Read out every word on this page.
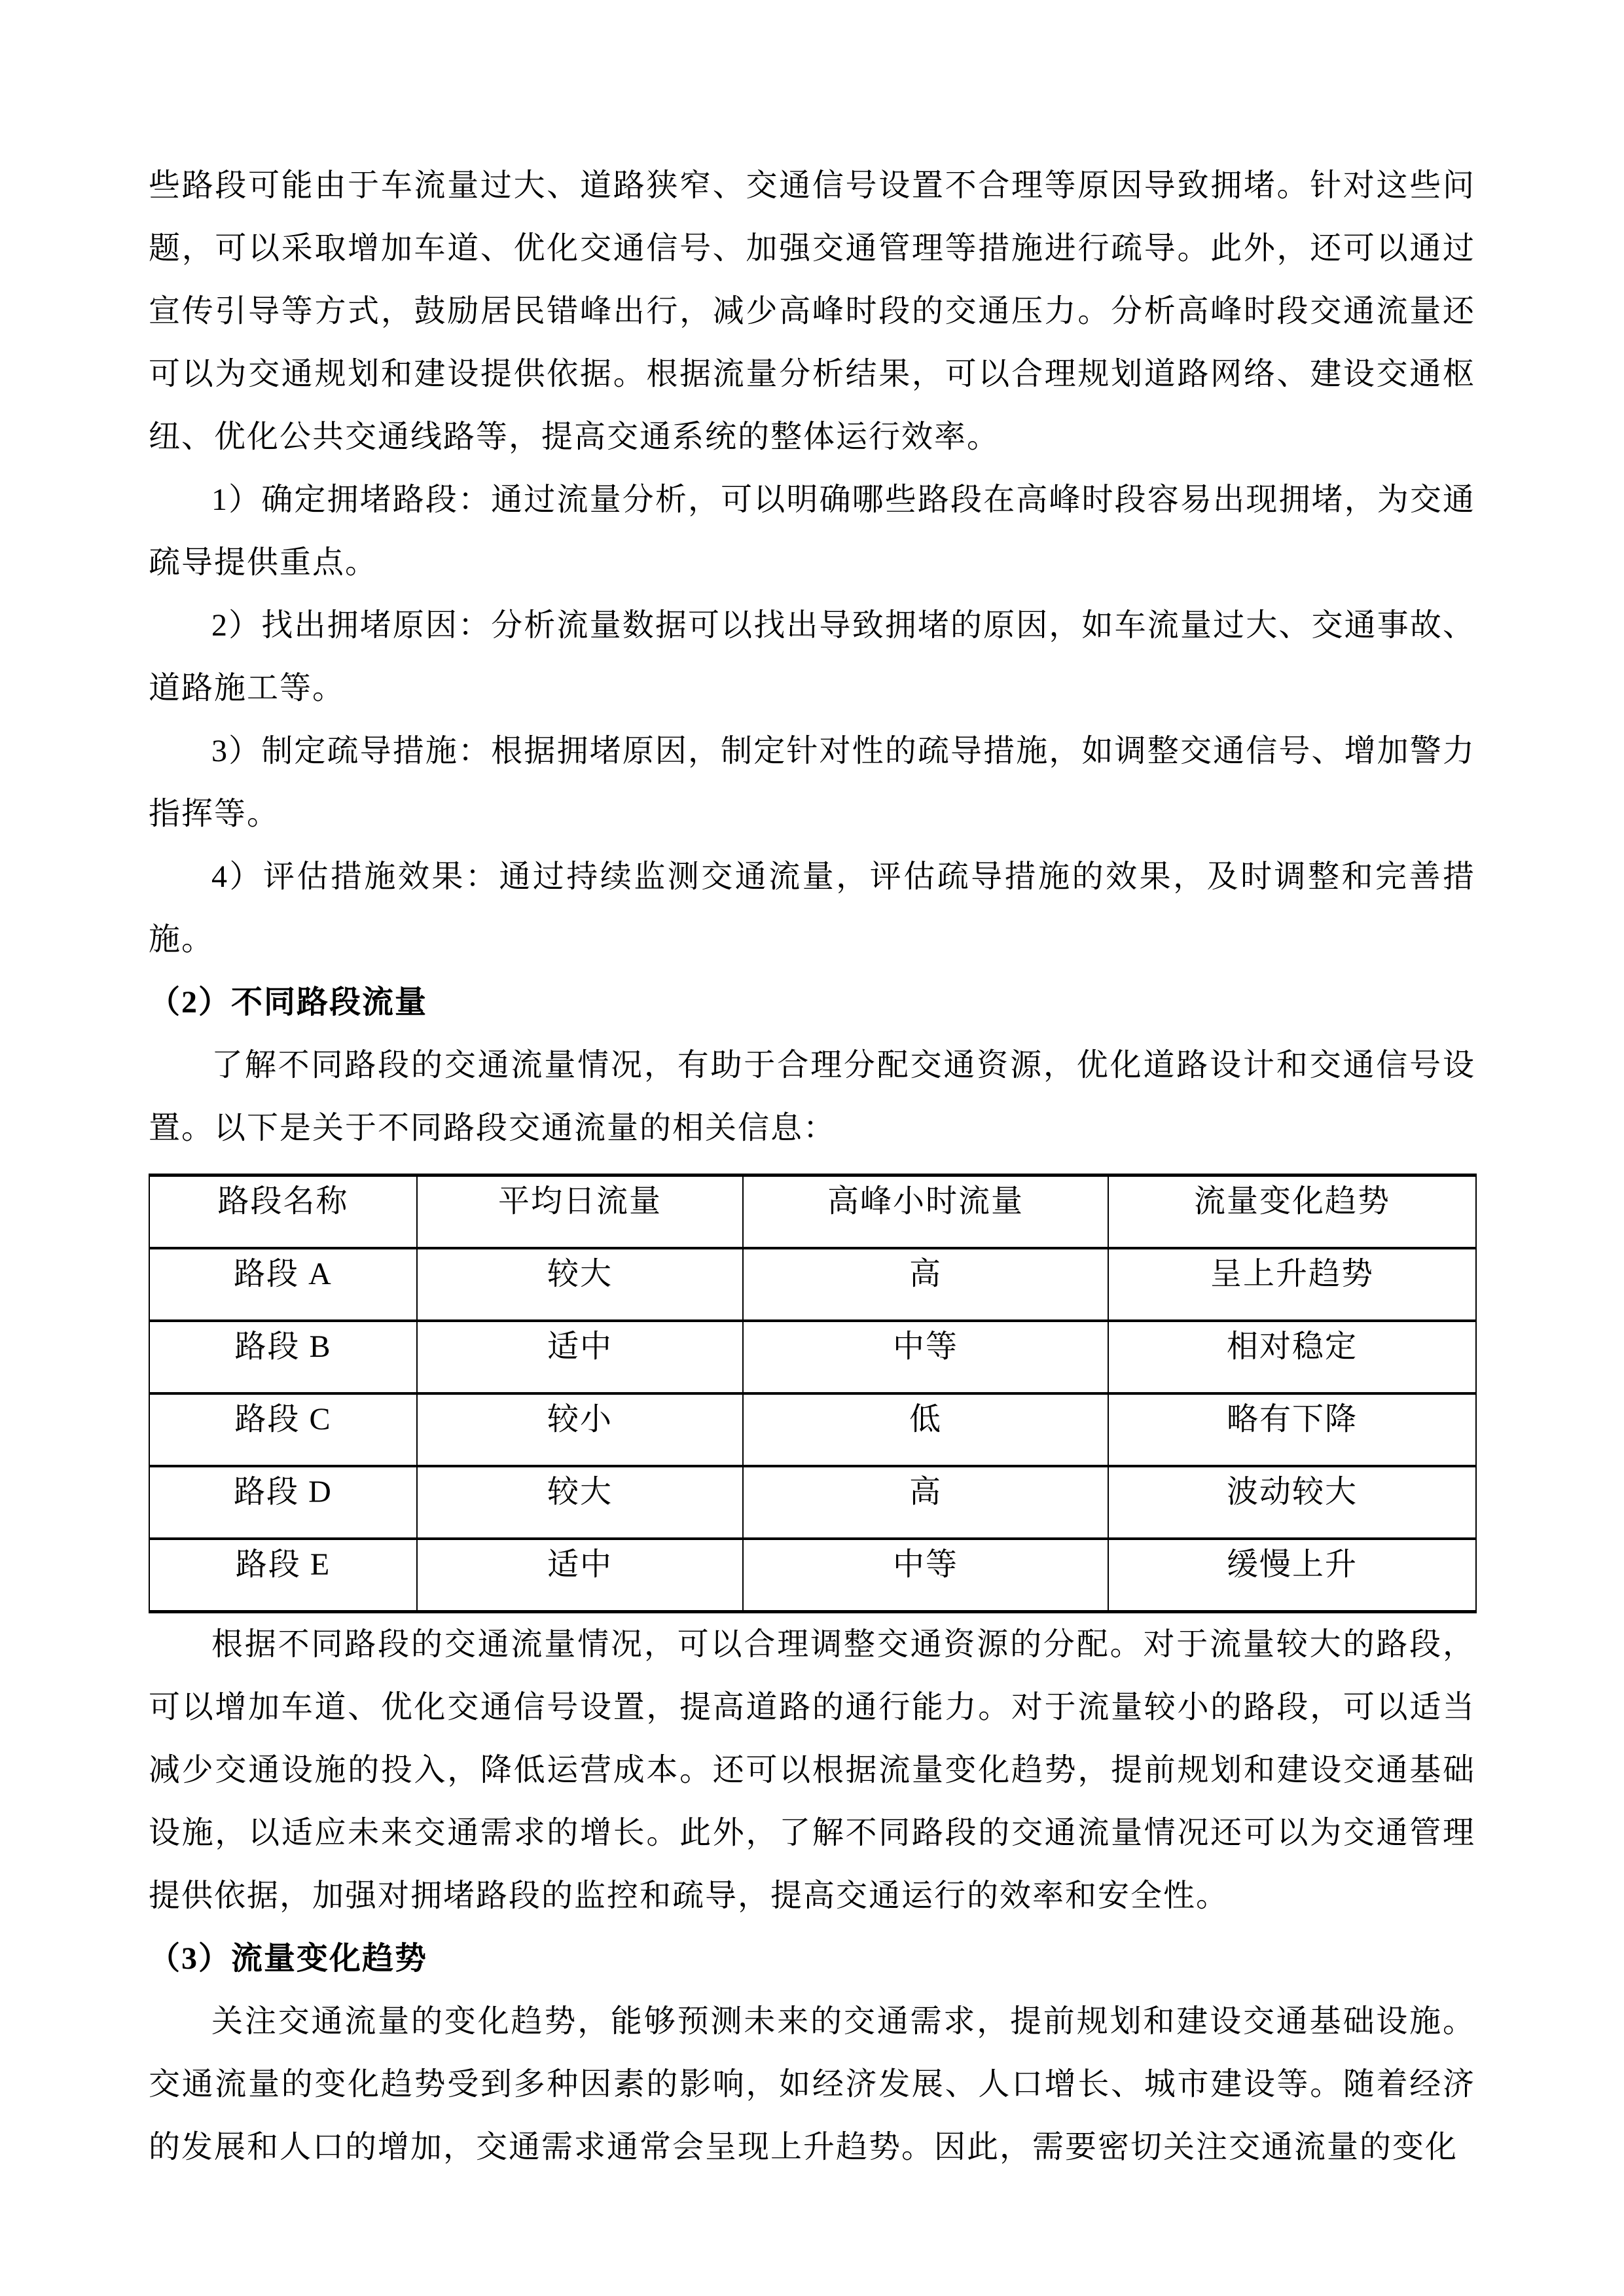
些路段可能由于车流量过大、道路狭窄、交通信号设置不合理等原因导致拥堵。针对这些问题，可以采取增加车道、优化交通信号、加强交通管理等措施进行疏导。此外，还可以通过宣传引导等方式，鼓励居民错峰出行，减少高峰时段的交通压力。分析高峰时段交通流量还可以为交通规划和建设提供依据。根据流量分析结果，可以合理规划道路网络、建设交通枢纽、优化公共交通线路等，提高交通系统的整体运行效率。

1）确定拥堵路段：通过流量分析，可以明确哪些路段在高峰时段容易出现拥堵，为交通疏导提供重点。

2）找出拥堵原因：分析流量数据可以找出导致拥堵的原因，如车流量过大、交通事故、道路施工等。

3）制定疏导措施：根据拥堵原因，制定针对性的疏导措施，如调整交通信号、增加警力指挥等。

4）评估措施效果：通过持续监测交通流量，评估疏导措施的效果，及时调整和完善措施。

（2）不同路段流量

了解不同路段的交通流量情况，有助于合理分配交通资源，优化道路设计和交通信号设置。以下是关于不同路段交通流量的相关信息：

路段名称	平均日流量	高峰小时流量	流量变化趋势
路段 A	较大	高	呈上升趋势
路段 B	适中	中等	相对稳定
路段 C	较小	低	略有下降
路段 D	较大	高	波动较大
路段 E	适中	中等	缓慢上升

根据不同路段的交通流量情况，可以合理调整交通资源的分配。对于流量较大的路段，可以增加车道、优化交通信号设置，提高道路的通行能力。对于流量较小的路段，可以适当减少交通设施的投入，降低运营成本。还可以根据流量变化趋势，提前规划和建设交通基础设施，以适应未来交通需求的增长。此外，了解不同路段的交通流量情况还可以为交通管理提供依据，加强对拥堵路段的监控和疏导，提高交通运行的效率和安全性。

（3）流量变化趋势

关注交通流量的变化趋势，能够预测未来的交通需求，提前规划和建设交通基础设施。交通流量的变化趋势受到多种因素的影响，如经济发展、人口增长、城市建设等。随着经济的发展和人口的增加，交通需求通常会呈现上升趋势。因此，需要密切关注交通流量的变化
